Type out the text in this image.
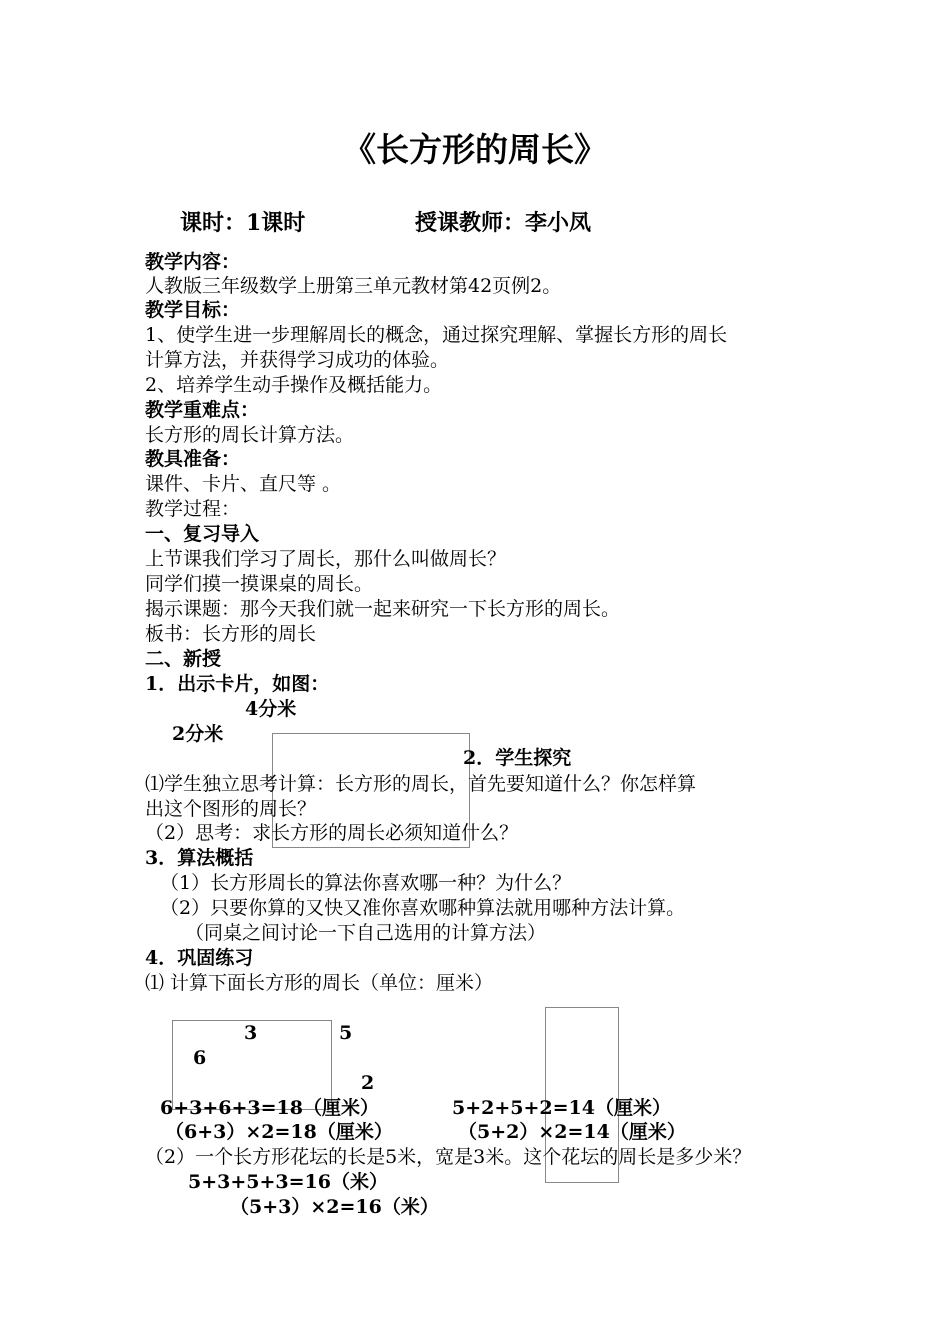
《长方形的周长》
课时：1课时	授课教师：李小凤
教学内容：
人教版三年级数学上册第三单元教材第42页例2。
教学目标：
1、使学生进一步理解周长的概念，通过探究理解、掌握长方形的周长
计算方法，并获得学习成功的体验。
2、培养学生动手操作及概括能力。
教学重难点：
长方形的周长计算方法。
教具准备：
课件、卡片、直尺等 。
教学过程：
一、复习导入
上节课我们学习了周长，那什么叫做周长？
同学们摸一摸课桌的周长。
揭示课题：那今天我们就一起来研究一下长方形的周长。
板书：长方形的周长
二、新授
1．出示卡片，如图：
4分米
2分米
2．学生探究
⑴学生独立思考计算：长方形的周长，首先要知道什么？你怎样算
出这个图形的周长？
（2）思考：求长方形的周长必须知道什么？
3．算法概括
（1）长方形周长的算法你喜欢哪一种？为什么？
（2）只要你算的又快又准你喜欢哪种算法就用哪种方法计算。
（同桌之间讨论一下自己选用的计算方法）
4．巩固练习
⑴ 计算下面长方形的周长（单位：厘米）
3
6
5
2
6+3+6+3=18（厘米）
（6+3）×2=18（厘米）
5+2+5+2=14（厘米）
（5+2）×2=14（厘米）
（2）一个长方形花坛的长是5米，宽是3米。这个花坛的周长是多少米？
5+3+5+3=16（米）
（5+3）×2=16（米）
